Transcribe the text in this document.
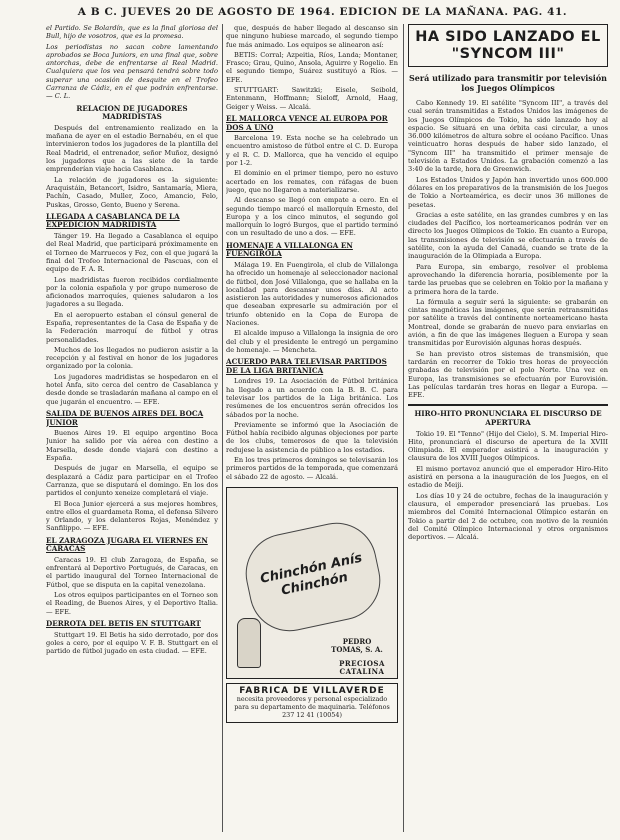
A B C. JUEVES 20 DE AGOSTO DE 1964. EDICION DE LA MAÑANA. PAG. 41.

el Partido. Se Bolardín, que es la final gloriosa del Bull, hijo de vosotros, que es la promesa.

Los periodistas no sacan cobre lamentando aprobados se Boca Juniors, en una final que, sobre antorchas, debe de enfrentarse al Real Madrid. Cualquiera que los vea pensará tendrá sobre todo superar una ocasión de desquite en el Trofeo Carranza de Cádiz, en el que podrán enfrentarse. — C. L.

RELACION DE JUGADORES MADRIDISTAS

Después del entrenamiento realizado en la mañana de ayer en el estadio Bernabéu, en el que intervinieron todos los jugadores de la plantilla del Real Madrid, el entrenador, señor Muñoz, designó los jugadores que a las siete de la tarde emprenderían viaje hacia Casablanca.

La relación de jugadores es la siguiente: Araquistáin, Betancort, Isidro, Santamaría, Miera, Pachín, Casado, Muller, Zoco, Amancio, Felo, Puskas, Grosso, Gento, Bueno y Serena.

LLEGADA A CASABLANCA DE LA EXPEDICION MADRIDISTA

Tánger 19. Ha llegado a Casablanca el equipo del Real Madrid, que participará próximamente en el Torneo de Marruecos y Fez, con el que jugará la final del Trofeo Internacional de Pascuas, con el equipo de F. A. R.

Los madridistas fueron recibidos cordialmente por la colonia española y por grupo numeroso de aficionados marroquíes, quienes saludaron a los jugadores a su llegada.

En el aeropuerto estaban el cónsul general de España, representantes de la Casa de España y de la Federación marroquí de fútbol y otras personalidades.

Muchos de los llegados no pudieron asistir a la recepción y al festival en honor de los jugadores organizado por la colonia.

Los jugadores madridistas se hospedaron en el hotel Anfa, sito cerca del centro de Casablanca y desde donde se trasladarán mañana al campo en el que jugarán el encuentro. — EFE.

SALIDA DE BUENOS AIRES DEL BOCA JUNIOR

Buenos Aires 19. El equipo argentino Boca Junior ha salido por vía aérea con destino a Marsella, desde donde viajará con destino a España.

Después de jugar en Marsella, el equipo se desplazará a Cádiz para participar en el Trofeo Carranza, que se disputará el domingo. En los dos partidos el conjunto xeneize completará el viaje.

El Boca Junior ejercerá a sus mejores hombres, entre ellos el guardameta Roma, el defensa Silvero y Orlando, y los delanteros Rojas, Menéndez y Sanfilippo. — EFE.

EL ZARAGOZA JUGARA EL VIERNES EN CARACAS

Caracas 19. El club Zaragoza, de España, se enfrentará al Deportivo Portugués, de Caracas, en el partido inaugural del Torneo Internacional de Fútbol, que se disputa en la capital venezolana.

Los otros equipos participantes en el Torneo son el Reading, de Buenos Aires, y el Deportivo Italia. — EFE.

DERROTA DEL BETIS EN STUTTGART

Stuttgart 19. El Betis ha sido derrotado, por dos goles a cero, por el equipo V. F. B. Stuttgart en el partido de fútbol jugado en esta ciudad. — EFE.

que, después de haber llegado al descanso sin que ninguno hubiese marcado, el segundo tiempo fue más animado. Los equipos se alinearon así:

BETIS: Corral; Azpeitia, Ríos, Landa; Montaner, Frasco; Grau, Quino, Ansola, Aguirre y Rogelio. En el segundo tiempo, Suárez sustituyó a Ríos. — EFE.

STUTTGART: Sawitzki; Eisele, Seibold, Entenmann, Hoffmann; Sieloff, Arnold, Haag, Geiger y Weiss. — Alcalá.

EL MALLORCA VENCE AL EUROPA POR DOS A UNO

Barcelona 19. Esta noche se ha celebrado un encuentro amistoso de fútbol entre el C. D. Europa y el R. C. D. Mallorca, que ha vencido el equipo por 1-2.

El dominio en el primer tiempo, pero no estuvo acertado en los remates, con ráfagas de buen juego, que no llegaron a materializarse.

Al descanso se llegó con empate a cero. En el segundo tiempo marcó el mallorquín Ernesto, del Europa y a los cinco minutos, el segundo gol mallorquín lo logró Burgos, que el partido terminó con un resultado de uno a dos. — EFE.

HOMENAJE A VILLALONGA EN FUENGIROLA

Málaga 19. En Fuengirola, el club de Villalonga ha ofrecido un homenaje al seleccionador nacional de fútbol, don José Villalonga, que se hallaba en la localidad para descansar unos días. Al acto asistieron las autoridades y numerosos aficionados que deseaban expresarle su admiración por el triunfo obtenido en la Copa de Europa de Naciones.

El alcalde impuso a Villalonga la insignia de oro del club y el presidente le entregó un pergamino de homenaje. — Mencheta.

ACUERDO PARA TELEVISAR PARTIDOS DE LA LIGA BRITANICA

Londres 19. La Asociación de Fútbol británica ha llegado a un acuerdo con la B. B. C. para televisar los partidos de la Liga británica. Los resúmenes de los encuentros serán ofrecidos los sábados por la noche.

Previamente se informó que la Asociación de Fútbol había recibido algunas objeciones por parte de los clubs, temerosos de que la televisión redujese la asistencia de público a los estadios.

En los tres primeros domingos se televisarán los primeros partidos de la temporada, que comenzará el sábado 22 de agosto. — Alcalá.

Chinchón Anís Chinchón
PEDRO TOMAS, S. A.
PRECIOSA CATALINA
FABRICA DE VILLAVERDE
necesita proveedores y personal especializado para su departamento de maquinaria. Teléfonos 237 12 41 (10054)
HA SIDO LANZADO EL
"SYNCOM III"
Será utilizado para transmitir por televisión los Juegos Olímpicos

Cabo Kennedy 19. El satélite "Syncom III", a través del cual serán transmitidas a Estados Unidos las imágenes de los Juegos Olímpicos de Tokio, ha sido lanzado hoy al espacio. Se situará en una órbita casi circular, a unos 36.000 kilómetros de altura sobre el océano Pacífico. Unas veinticuatro horas después de haber sido lanzado, el "Syncom III" ha transmitido el primer mensaje de televisión a Estados Unidos. La grabación comenzó a las 3:40 de la tarde, hora de Greenwich.

Los Estados Unidos y Japón han invertido unos 600.000 dólares en los preparativos de la transmisión de los Juegos de Tokio a Norteamérica, es decir unos 36 millones de pesetas.

Gracias a este satélite, en las grandes cumbres y en las ciudades del Pacífico, los norteamericanos podrán ver en directo los Juegos Olímpicos de Tokio. En cuanto a Europa, las transmisiones de televisión se efectuarán a través de satélite, con la ayuda del Canadá, cuando se trate de la inauguración de la Olimpiada a Europa.

Para Europa, sin embargo, resolver el problema aprovechando la diferencia horaria, posiblemente por la tarde las pruebas que se celebren en Tokio por la mañana y a primera hora de la tarde.

La fórmula a seguir será la siguiente: se grabarán en cintas magnéticas las imágenes, que serán retransmitidas por satélite a través del continente norteamericano hasta Montreal, donde se grabarán de nuevo para enviarlas en avión, a fin de que las imágenes lleguen a Europa y sean transmitidas por Eurovisión algunas horas después.

Se han previsto otros sistemas de transmisión, que tardarán en recorrer de Tokio tres horas de proyección grabadas de televisión por el polo Norte. Una vez en Europa, las transmisiones se efectuarán por Eurovisión. Las películas tardarán tres horas en llegar a Europa. — EFE.

HIRO-HITO PRONUNCIARA EL DISCURSO DE APERTURA

Tokio 19. El "Tenno" (Hijo del Cielo), S. M. Imperial Hiro-Hito, pronunciará el discurso de apertura de la XVIII Olimpiada. El emperador asistirá a la inauguración y clausura de los XVIII Juegos Olímpicos.

El mismo portavoz anunció que el emperador Hiro-Hito asistirá en persona a la inauguración de los Juegos, en el estadio de Meiji.

Los días 10 y 24 de octubre, fechas de la inauguración y clausura, el emperador presenciará las pruebas. Los miembros del Comité Internacional Olímpico estarán en Tokio a partir del 2 de octubre, con motivo de la reunión del Comité Olímpico Internacional y otros organismos deportivos. — Alcalá.
